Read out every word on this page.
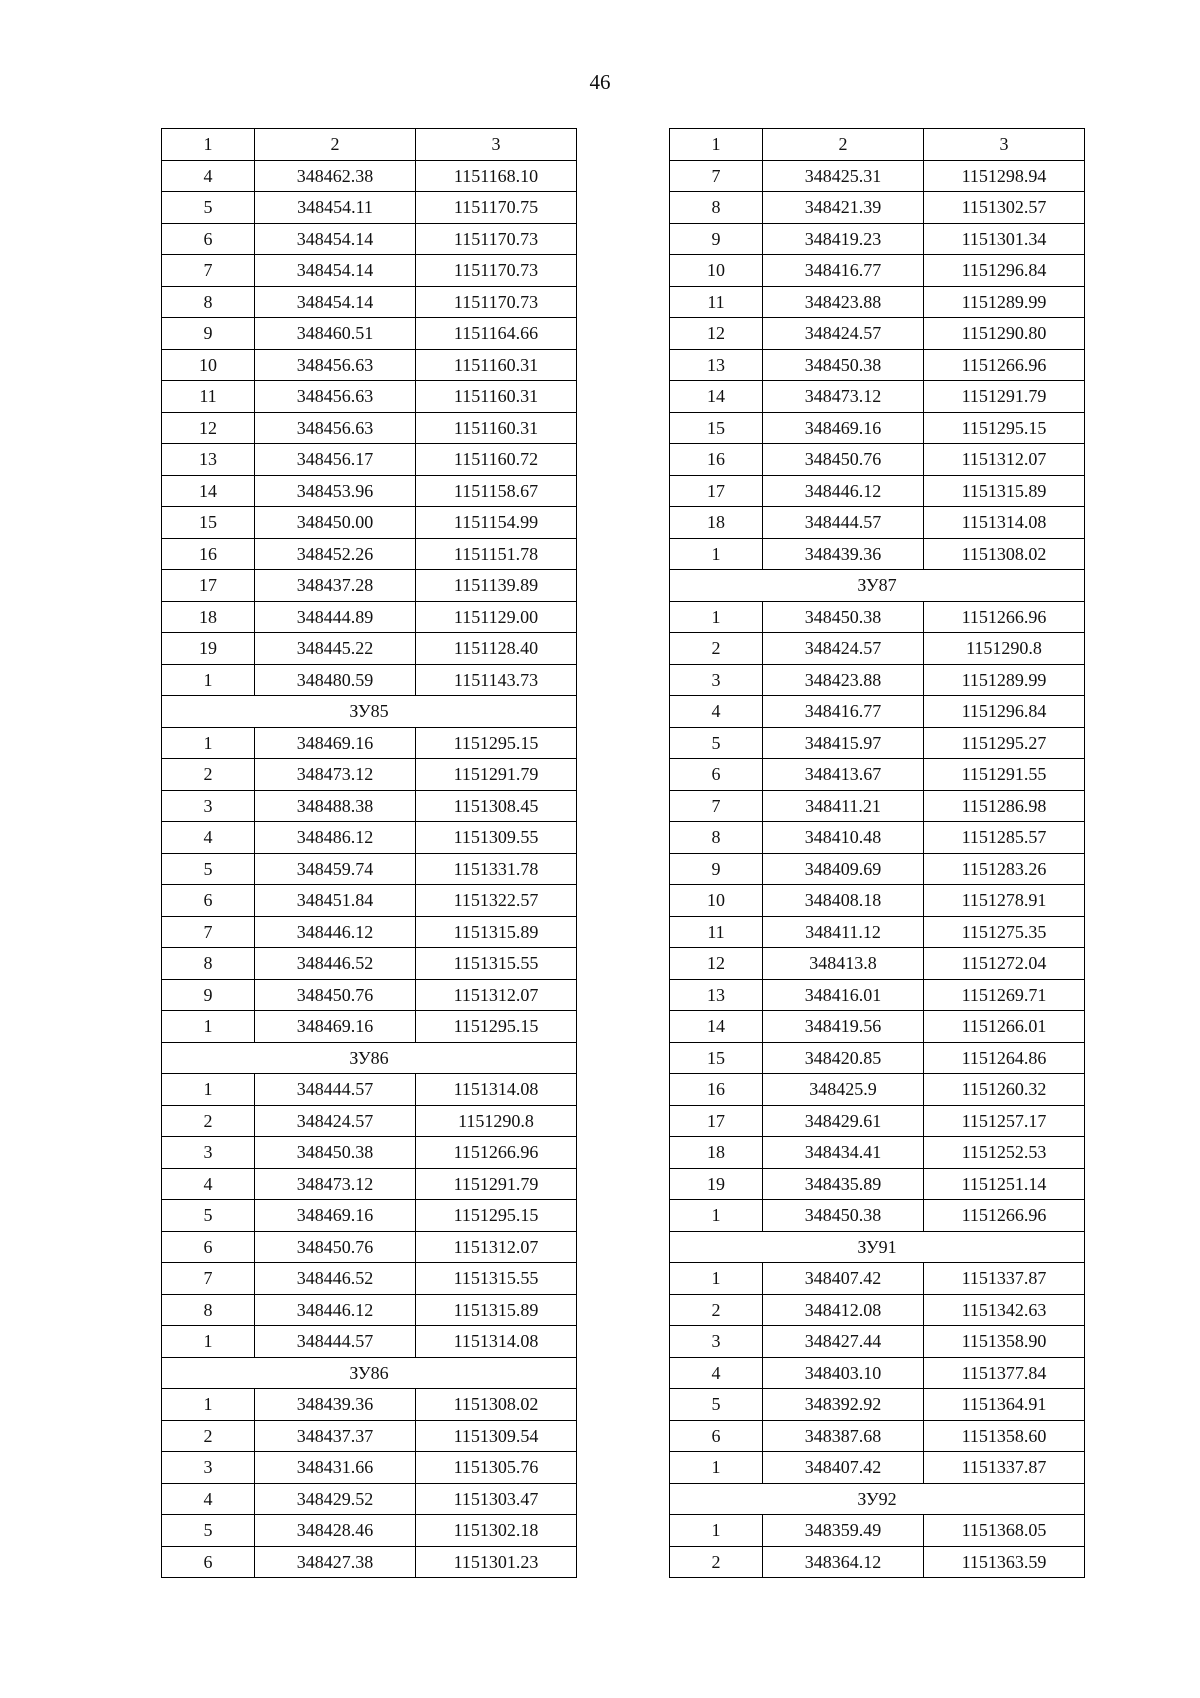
46
1	2	3
4	348462.38	1151168.10
5	348454.11	1151170.75
6	348454.14	1151170.73
7	348454.14	1151170.73
8	348454.14	1151170.73
9	348460.51	1151164.66
10	348456.63	1151160.31
11	348456.63	1151160.31
12	348456.63	1151160.31
13	348456.17	1151160.72
14	348453.96	1151158.67
15	348450.00	1151154.99
16	348452.26	1151151.78
17	348437.28	1151139.89
18	348444.89	1151129.00
19	348445.22	1151128.40
1	348480.59	1151143.73
ЗУ85		
1	348469.16	1151295.15
2	348473.12	1151291.79
3	348488.38	1151308.45
4	348486.12	1151309.55
5	348459.74	1151331.78
6	348451.84	1151322.57
7	348446.12	1151315.89
8	348446.52	1151315.55
9	348450.76	1151312.07
1	348469.16	1151295.15
ЗУ86		
1	348444.57	1151314.08
2	348424.57	1151290.8
3	348450.38	1151266.96
4	348473.12	1151291.79
5	348469.16	1151295.15
6	348450.76	1151312.07
7	348446.52	1151315.55
8	348446.12	1151315.89
1	348444.57	1151314.08
ЗУ86		
1	348439.36	1151308.02
2	348437.37	1151309.54
3	348431.66	1151305.76
4	348429.52	1151303.47
5	348428.46	1151302.18
6	348427.38	1151301.23
1	2	3
7	348425.31	1151298.94
8	348421.39	1151302.57
9	348419.23	1151301.34
10	348416.77	1151296.84
11	348423.88	1151289.99
12	348424.57	1151290.80
13	348450.38	1151266.96
14	348473.12	1151291.79
15	348469.16	1151295.15
16	348450.76	1151312.07
17	348446.12	1151315.89
18	348444.57	1151314.08
1	348439.36	1151308.02
ЗУ87		
1	348450.38	1151266.96
2	348424.57	1151290.8
3	348423.88	1151289.99
4	348416.77	1151296.84
5	348415.97	1151295.27
6	348413.67	1151291.55
7	348411.21	1151286.98
8	348410.48	1151285.57
9	348409.69	1151283.26
10	348408.18	1151278.91
11	348411.12	1151275.35
12	348413.8	1151272.04
13	348416.01	1151269.71
14	348419.56	1151266.01
15	348420.85	1151264.86
16	348425.9	1151260.32
17	348429.61	1151257.17
18	348434.41	1151252.53
19	348435.89	1151251.14
1	348450.38	1151266.96
ЗУ91		
1	348407.42	1151337.87
2	348412.08	1151342.63
3	348427.44	1151358.90
4	348403.10	1151377.84
5	348392.92	1151364.91
6	348387.68	1151358.60
1	348407.42	1151337.87
ЗУ92		
1	348359.49	1151368.05
2	348364.12	1151363.59
